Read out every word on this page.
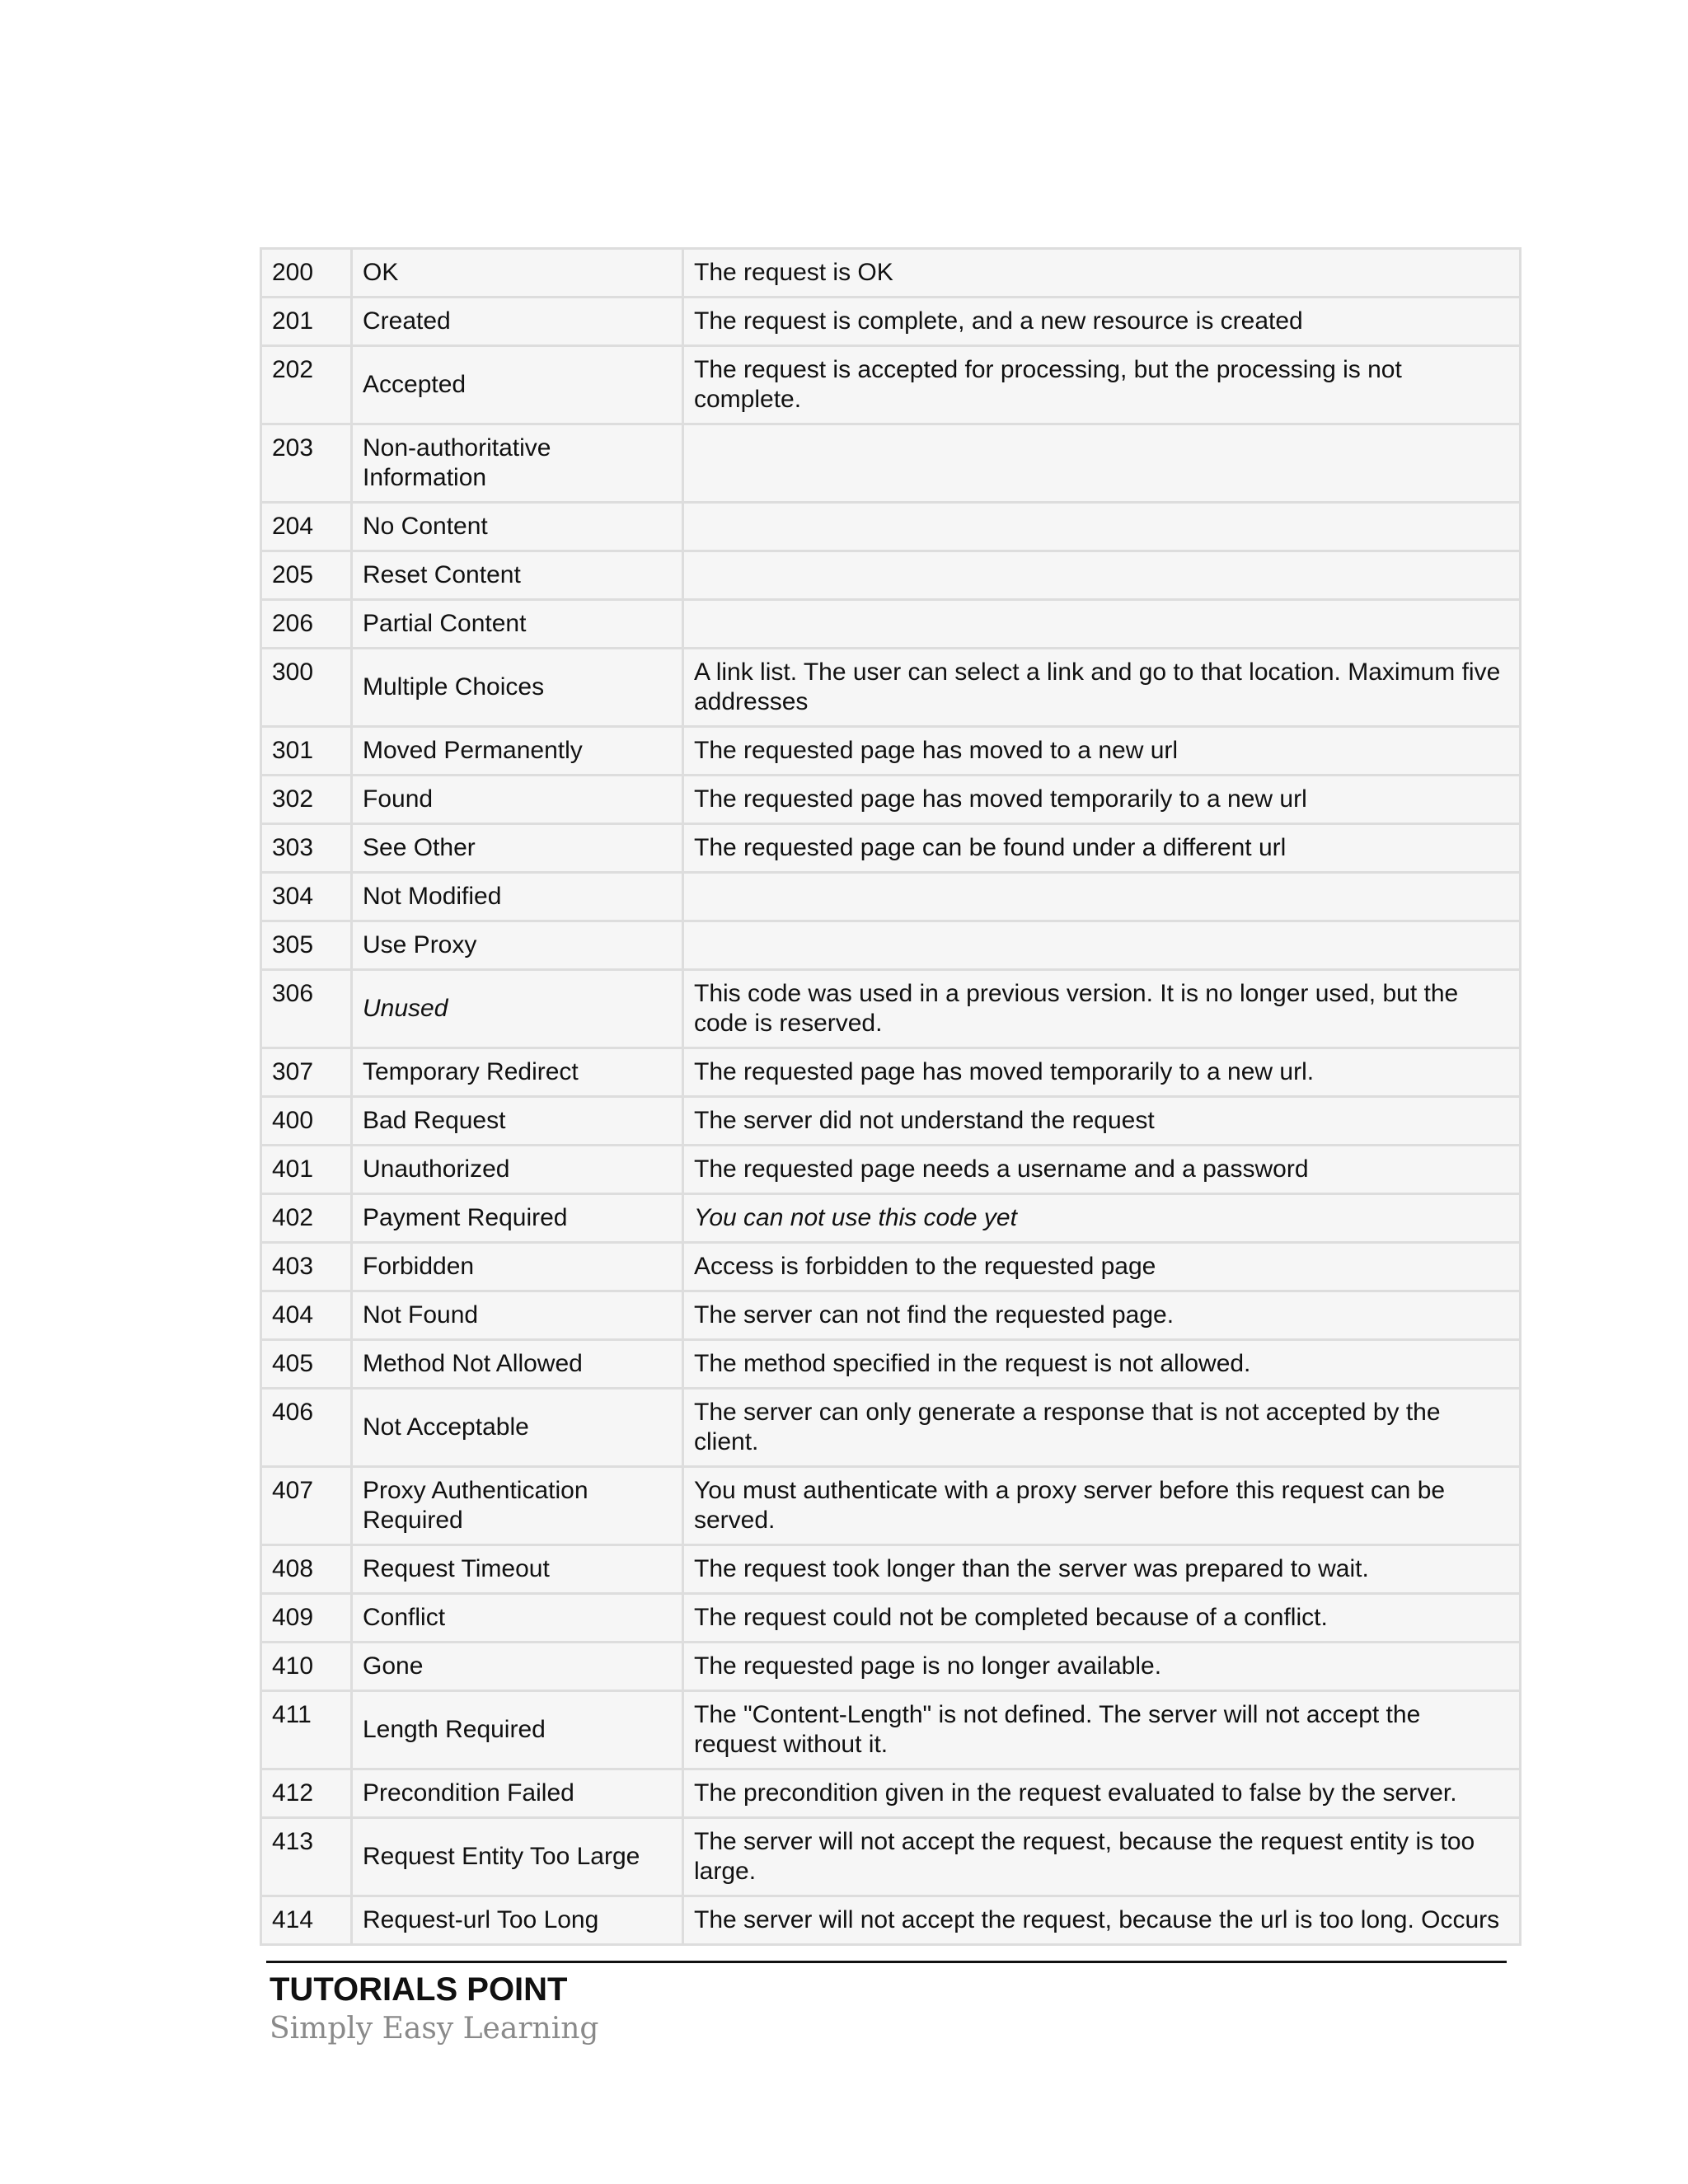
200	OK	The request is OK
201	Created	The request is complete, and a new resource is created
202	Accepted	The request is accepted for processing, but the processing is not complete.
203	Non-authoritative Information	
204	No Content	
205	Reset Content	
206	Partial Content	
300	Multiple Choices	A link list. The user can select a link and go to that location. Maximum five addresses
301	Moved Permanently	The requested page has moved to a new url
302	Found	The requested page has moved temporarily to a new url
303	See Other	The requested page can be found under a different url
304	Not Modified	
305	Use Proxy	
306	Unused	This code was used in a previous version. It is no longer used, but the code is reserved.
307	Temporary Redirect	The requested page has moved temporarily to a new url.
400	Bad Request	The server did not understand the request
401	Unauthorized	The requested page needs a username and a password
402	Payment Required	You can not use this code yet
403	Forbidden	Access is forbidden to the requested page
404	Not Found	The server can not find the requested page.
405	Method Not Allowed	The method specified in the request is not allowed.
406	Not Acceptable	The server can only generate a response that is not accepted by the client.
407	Proxy Authentication Required	You must authenticate with a proxy server before this request can be served.
408	Request Timeout	The request took longer than the server was prepared to wait.
409	Conflict	The request could not be completed because of a conflict.
410	Gone	The requested page is no longer available.
411	Length Required	The "Content-Length" is not defined. The server will not accept the request without it.
412	Precondition Failed	The precondition given in the request evaluated to false by the server.
413	Request Entity Too Large	The server will not accept the request, because the request entity is too large.
414	Request-url Too Long	The server will not accept the request, because the url is too long. Occurs
TUTORIALS POINT
Simply Easy Learning
